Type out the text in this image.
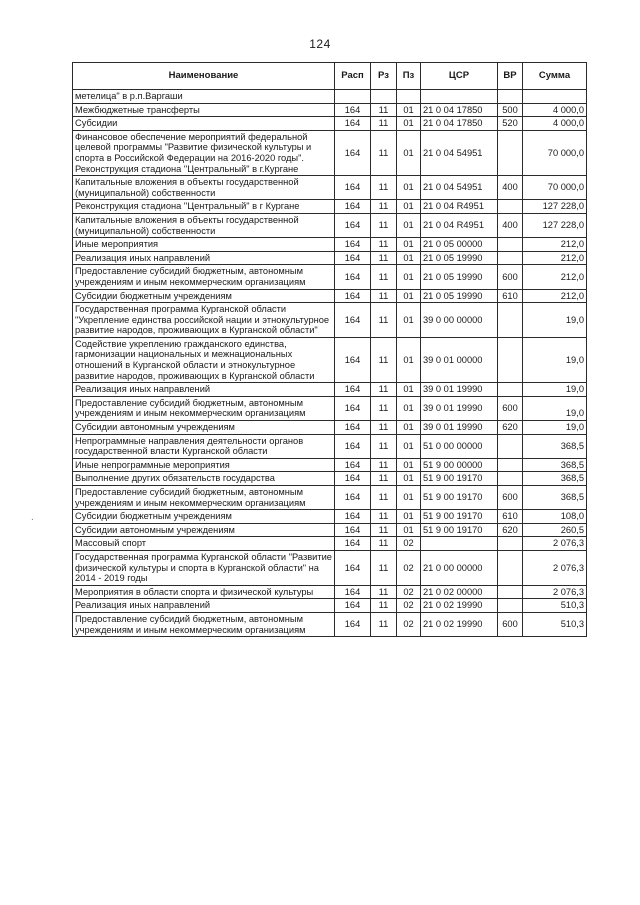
124
.
Наименование	Расп	Рз	Пз	ЦСР	ВР	Сумма
метелица" в р.п.Варгаши						
Межбюджетные трансферты	164	11	01	21 0 04 17850	500	4 000,0
Субсидии	164	11	01	21 0 04 17850	520	4 000,0
Финансовое обеспечение мероприятий федеральной целевой программы "Развитие физической культуры и спорта в Российской Федерации на 2016-2020 годы". Реконструкция стадиона "Центральный" в г.Кургане	164	11	01	21 0 04 54951		70 000,0
Капитальные вложения в объекты государственной (муниципальной) собственности	164	11	01	21 0 04 54951	400	70 000,0
Реконструкция стадиона "Центральный" в г Кургане	164	11	01	21 0 04 R4951		127 228,0
Капитальные вложения в объекты государственной (муниципальной) собственности	164	11	01	21 0 04 R4951	400	127 228,0
Иные мероприятия	164	11	01	21 0 05 00000		212,0
Реализация иных направлений	164	11	01	21 0 05 19990		212,0
Предоставление субсидий бюджетным, автономным учреждениям и иным некоммерческим организациям	164	11	01	21 0 05 19990	600	212,0
Субсидии бюджетным учреждениям	164	11	01	21 0 05 19990	610	212,0
Государственная программа Курганской области "Укрепление единства российской нации и этнокультурное развитие народов, проживающих в Курганской области"	164	11	01	39 0 00 00000		19,0
Содействие укреплению гражданского единства, гармонизации национальных и межнациональных отношений в Курганской области и этнокультурное развитие народов, проживающих в Курганской области	164	11	01	39 0 01 00000		19,0
Реализация иных направлений	164	11	01	39 0 01 19990		19,0
Предоставление субсидий бюджетным, автономным учреждениям и иным некоммерческим организациям	164	11	01	39 0 01 19990	600	19,0
Субсидии автономным учреждениям	164	11	01	39 0 01 19990	620	19,0
Непрограммные направления деятельности органов государственной власти Курганской области	164	11	01	51 0 00 00000		368,5
Иные непрограммные мероприятия	164	11	01	51 9 00 00000		368,5
Выполнение других обязательств государства	164	11	01	51 9 00 19170		368,5
Предоставление субсидий бюджетным, автономным учреждениям и иным некоммерческим организациям	164	11	01	51 9 00 19170	600	368,5
Субсидии бюджетным учреждениям	164	11	01	51 9 00 19170	610	108,0
Субсидии автономным учреждениям	164	11	01	51 9 00 19170	620	260,5
Массовый спорт	164	11	02			2 076,3
Государственная программа Курганской области "Развитие физической культуры и спорта в Курганской области" на 2014 - 2019 годы	164	11	02	21 0 00 00000		2 076,3
Мероприятия в области спорта и физической культуры	164	11	02	21 0 02 00000		2 076,3
Реализация иных направлений	164	11	02	21 0 02 19990		510,3
Предоставление субсидий бюджетным, автономным учреждениям и иным некоммерческим организациям	164	11	02	21 0 02 19990	600	510,3
